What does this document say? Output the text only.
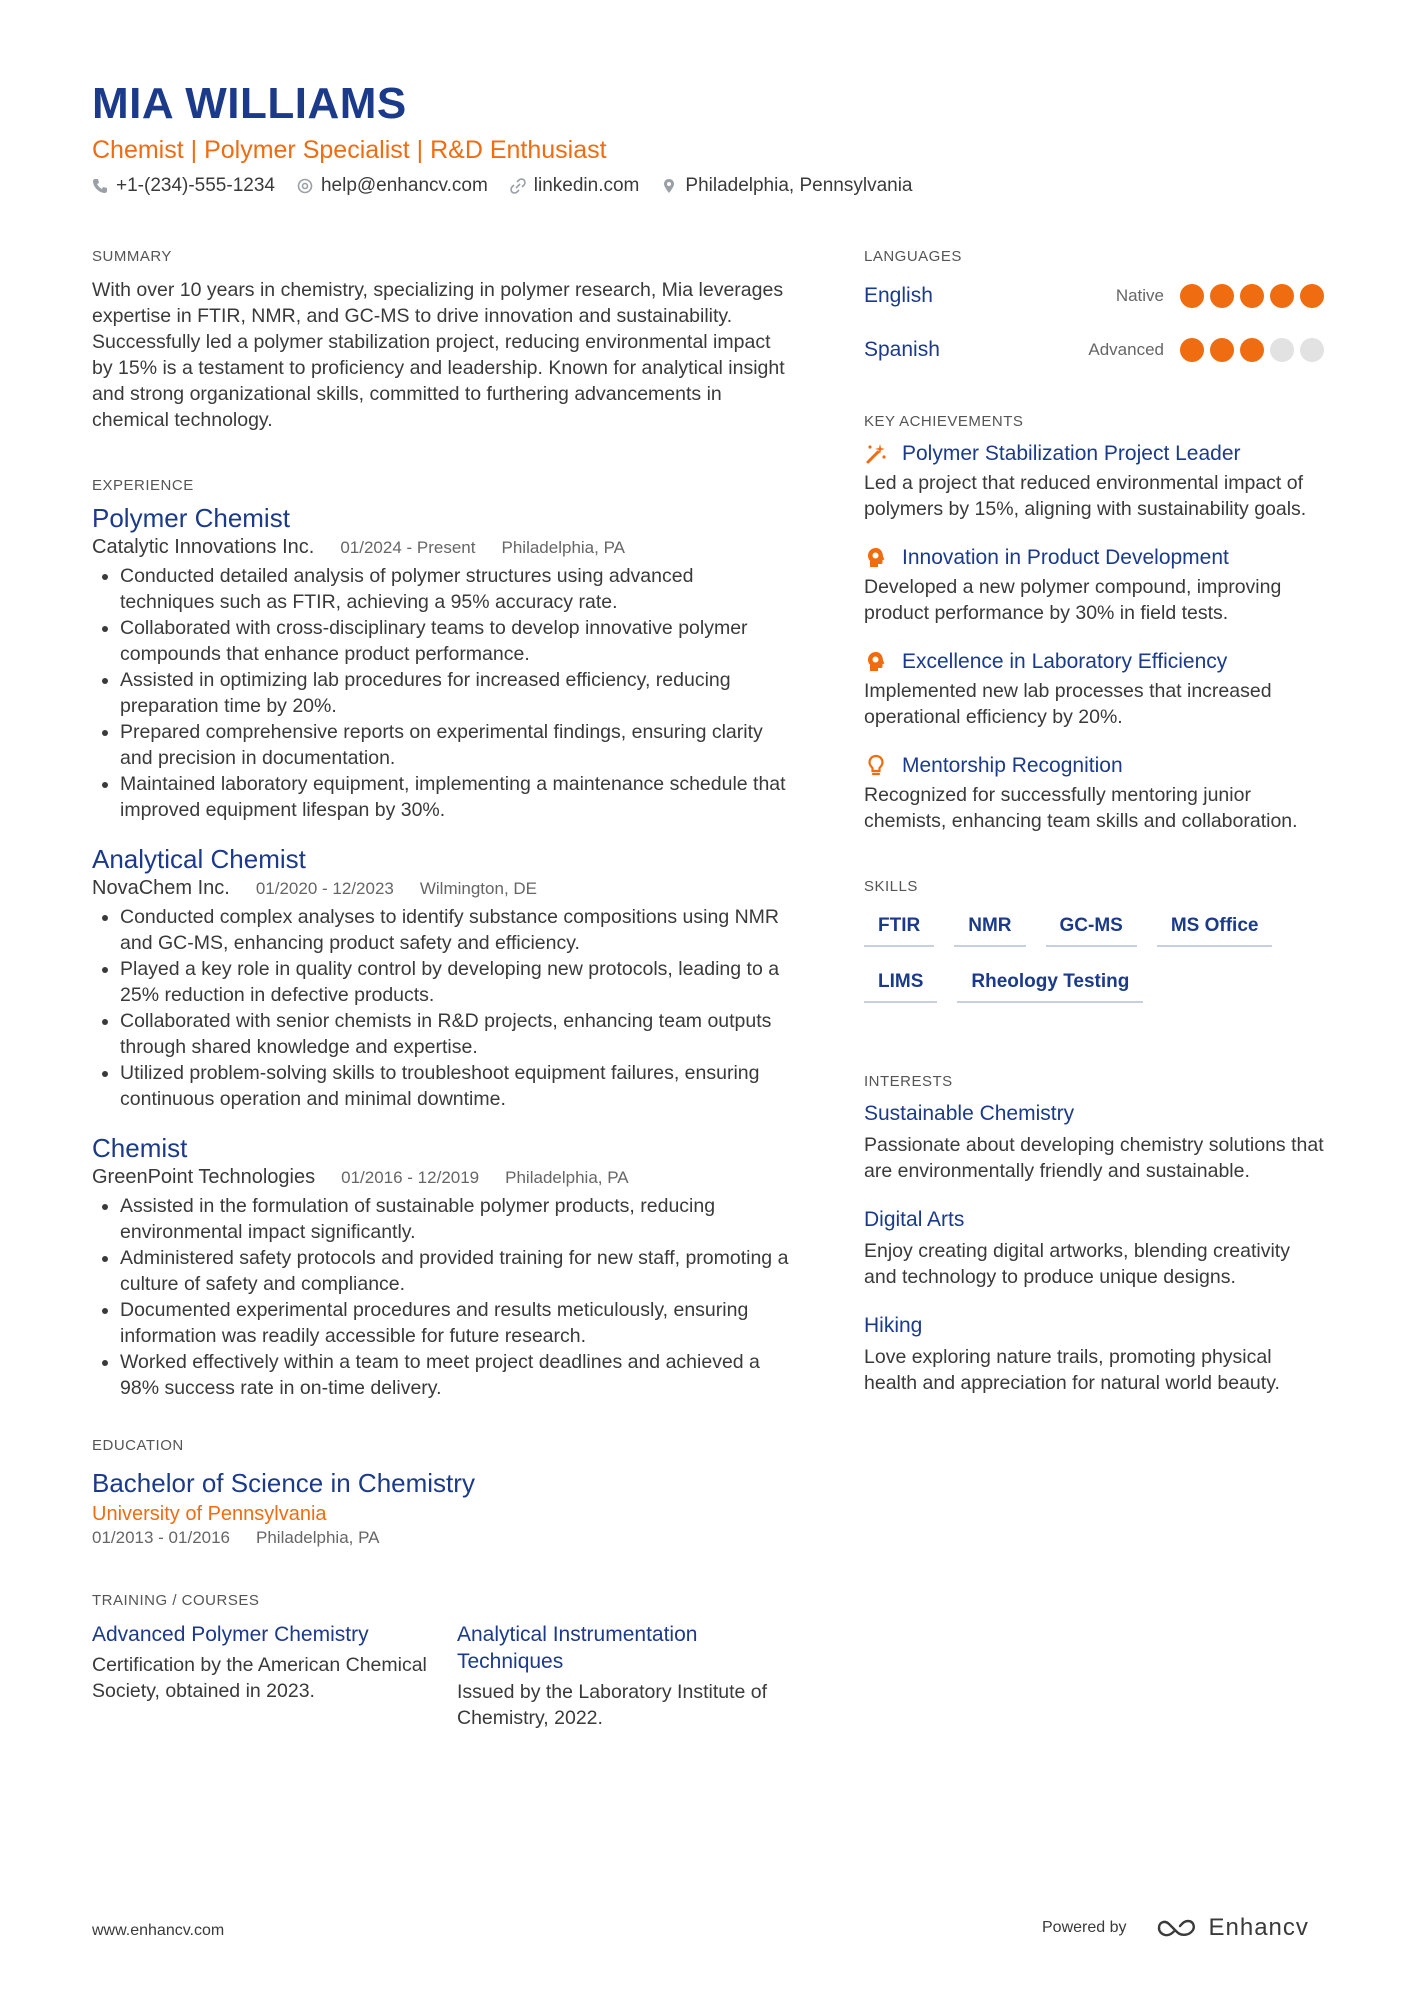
MIA WILLIAMS
Chemist | Polymer Specialist | R&D Enthusiast
+1-(234)-555-1234 help@enhancv.com linkedin.com Philadelphia, Pennsylvania
SUMMARY

With over 10 years in chemistry, specializing in polymer research, Mia leverages expertise in FTIR, NMR, and GC-MS to drive innovation and sustainability. Successfully led a polymer stabilization project, reducing environmental impact by 15% is a testament to proficiency and leadership. Known for analytical insight and strong organizational skills, committed to furthering advancements in chemical technology.

EXPERIENCE
Polymer Chemist
Catalytic Innovations Inc. 01/2024 - Present Philadelphia, PA
• Conducted detailed analysis of polymer structures using advanced techniques such as FTIR, achieving a 95% accuracy rate.
• Collaborated with cross-disciplinary teams to develop innovative polymer compounds that enhance product performance.
• Assisted in optimizing lab procedures for increased efficiency, reducing preparation time by 20%.
• Prepared comprehensive reports on experimental findings, ensuring clarity and precision in documentation.
• Maintained laboratory equipment, implementing a maintenance schedule that improved equipment lifespan by 30%.
Analytical Chemist
NovaChem Inc. 01/2020 - 12/2023 Wilmington, DE
• Conducted complex analyses to identify substance compositions using NMR and GC-MS, enhancing product safety and efficiency.
• Played a key role in quality control by developing new protocols, leading to a 25% reduction in defective products.
• Collaborated with senior chemists in R&D projects, enhancing team outputs through shared knowledge and expertise.
• Utilized problem-solving skills to troubleshoot equipment failures, ensuring continuous operation and minimal downtime.
Chemist
GreenPoint Technologies 01/2016 - 12/2019 Philadelphia, PA
• Assisted in the formulation of sustainable polymer products, reducing environmental impact significantly.
• Administered safety protocols and provided training for new staff, promoting a culture of safety and compliance.
• Documented experimental procedures and results meticulously, ensuring information was readily accessible for future research.
• Worked effectively within a team to meet project deadlines and achieved a 98% success rate in on-time delivery.
EDUCATION
Bachelor of Science in Chemistry
University of Pennsylvania
01/2013 - 01/2016 Philadelphia, PA
TRAINING / COURSES
Advanced Polymer Chemistry

Certification by the American Chemical Society, obtained in 2023.

Analytical Instrumentation Techniques

Issued by the Laboratory Institute of Chemistry, 2022.

LANGUAGES
English	Native
Spanish	Advanced
KEY ACHIEVEMENTS
Polymer Stabilization Project Leader

Led a project that reduced environmental impact of polymers by 15%, aligning with sustainability goals.

Innovation in Product Development

Developed a new polymer compound, improving product performance by 30% in field tests.

Excellence in Laboratory Efficiency

Implemented new lab processes that increased operational efficiency by 20%.

Mentorship Recognition

Recognized for successfully mentoring junior chemists, enhancing team skills and collaboration.

SKILLS
FTIR	NMR	GC-MS	MS Office
LIMS	Rheology Testing
INTERESTS
Sustainable Chemistry

Passionate about developing chemistry solutions that are environmentally friendly and sustainable.

Digital Arts

Enjoy creating digital artworks, blending creativity and technology to produce unique designs.

Hiking

Love exploring nature trails, promoting physical health and appreciation for natural world beauty.

www.enhancv.com	Powered by	Enhancv
